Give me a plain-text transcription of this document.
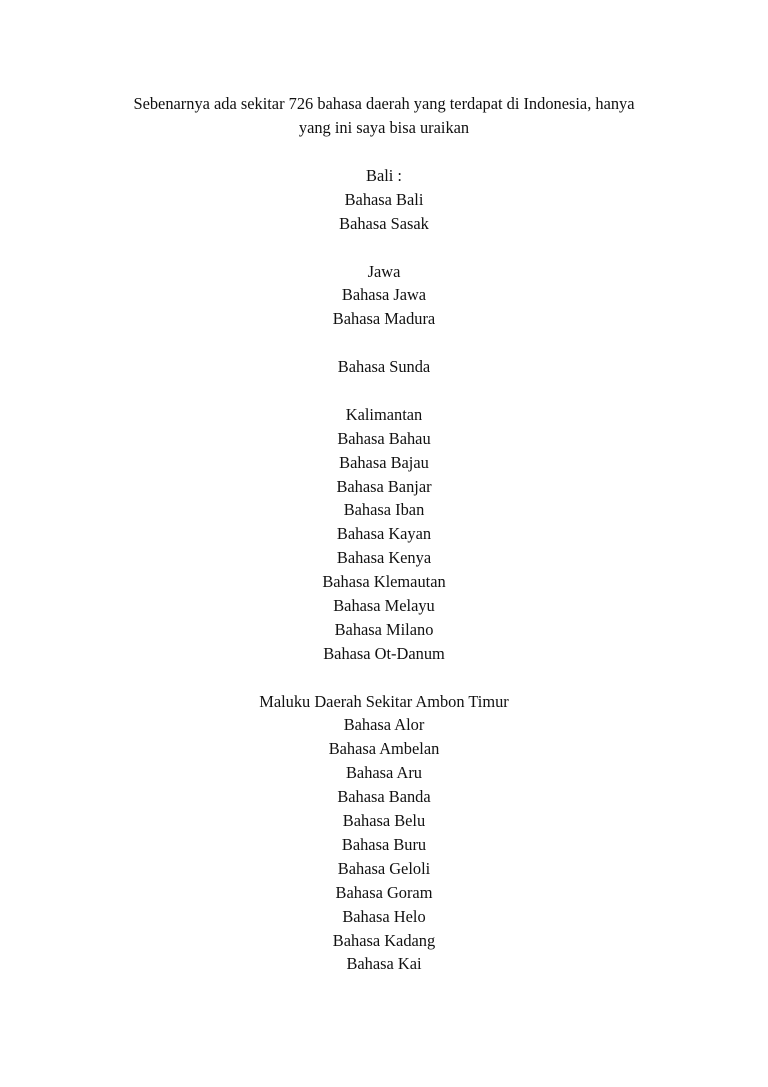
Sebenarnya ada sekitar 726 bahasa daerah yang terdapat di Indonesia, hanya
yang ini saya bisa uraikan
Bali :
Bahasa Bali
Bahasa Sasak
Jawa
Bahasa Jawa
Bahasa Madura
Bahasa Sunda
Kalimantan
Bahasa Bahau
Bahasa Bajau
Bahasa Banjar
Bahasa Iban
Bahasa Kayan
Bahasa Kenya
Bahasa Klemautan
Bahasa Melayu
Bahasa Milano
Bahasa Ot-Danum
Maluku Daerah Sekitar Ambon Timur
Bahasa Alor
Bahasa Ambelan
Bahasa Aru
Bahasa Banda
Bahasa Belu
Bahasa Buru
Bahasa Geloli
Bahasa Goram
Bahasa Helo
Bahasa Kadang
Bahasa Kai
